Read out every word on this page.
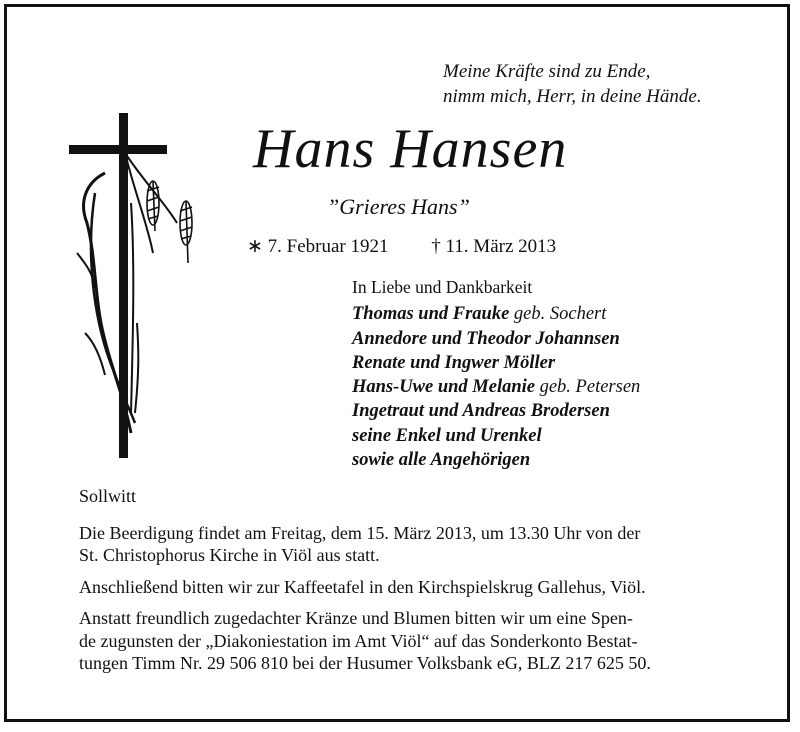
Meine Kräfte sind zu Ende,
nimm mich, Herr, in deine Hände.
Hans Hansen
”Grieres Hans”
∗ 7. Februar 1921 † 11. März 2013
In Liebe und Dankbarkeit
Thomas und Frauke geb. Sochert
Annedore und Theodor Johannsen
Renate und Ingwer Möller
Hans-Uwe und Melanie geb. Petersen
Ingetraut und Andreas Brodersen
seine Enkel und Urenkel
sowie alle Angehörigen
Sollwitt
Die Beerdigung findet am Freitag, dem 15. März 2013, um 13.30 Uhr von der
St. Christophorus Kirche in Viöl aus statt.
Anschließend bitten wir zur Kaffeetafel in den Kirchspielskrug Gallehus, Viöl.
Anstatt freundlich zugedachter Kränze und Blumen bitten wir um eine Spen-
de zugunsten der „Diakoniestation im Amt Viöl“ auf das Sonderkonto Bestat-
tungen Timm Nr. 29 506 810 bei der Husumer Volksbank eG, BLZ 217 625 50.
